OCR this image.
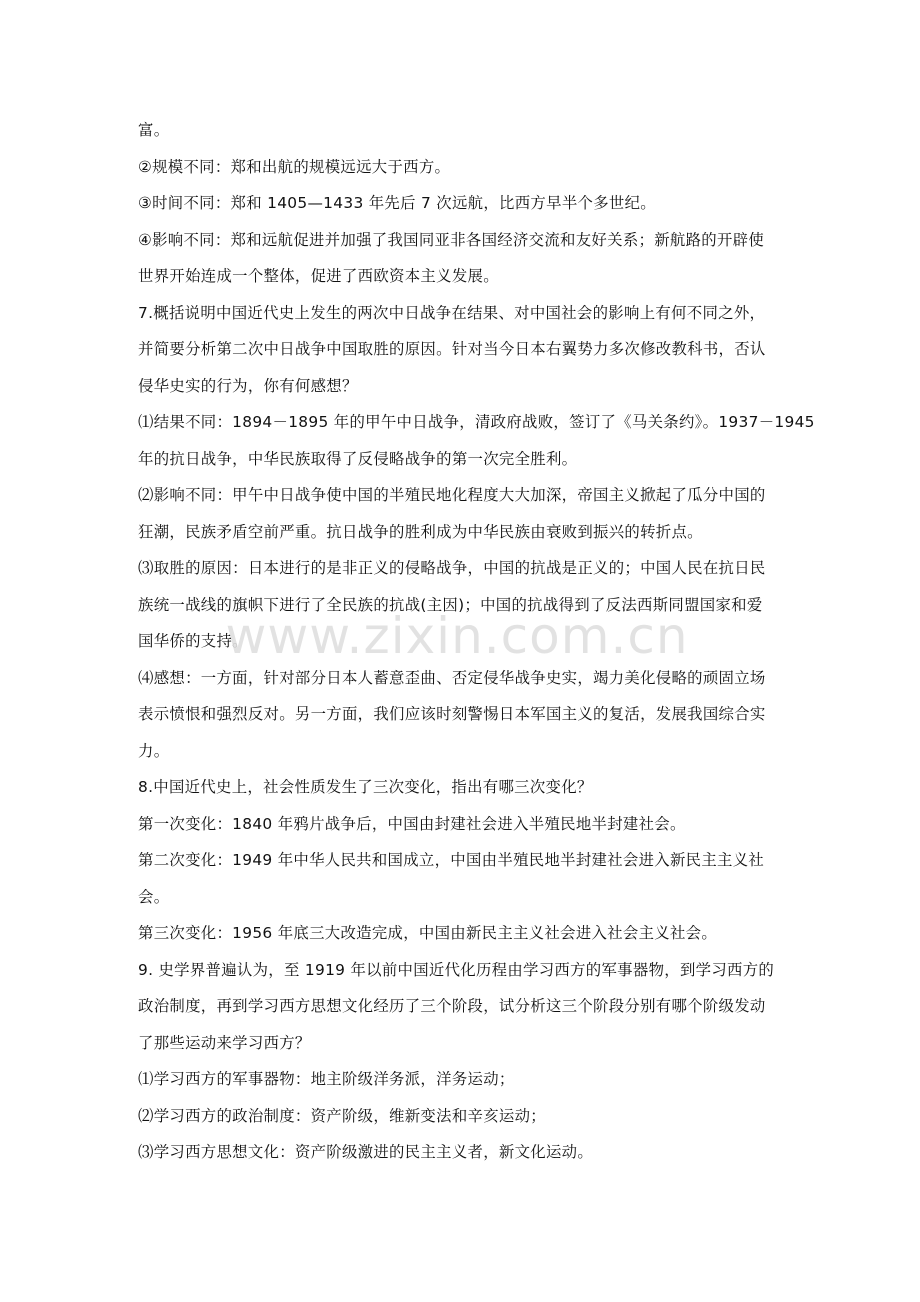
富。
②规模不同：郑和出航的规模远远大于西方。
③时间不同：郑和 1405—1433 年先后 7 次远航，比西方早半个多世纪。
④影响不同：郑和远航促进并加强了我国同亚非各国经济交流和友好关系；新航路的开辟使
世界开始连成一个整体，促进了西欧资本主义发展。
7.概括说明中国近代史上发生的两次中日战争在结果、对中国社会的影响上有何不同之外，
并简要分析第二次中日战争中国取胜的原因。针对当今日本右翼势力多次修改教科书，否认
侵华史实的行为，你有何感想？
⑴结果不同：1894－1895 年的甲午中日战争，清政府战败，签订了《马关条约》。1937－1945
年的抗日战争，中华民族取得了反侵略战争的第一次完全胜利。
⑵影响不同：甲午中日战争使中国的半殖民地化程度大大加深，帝国主义掀起了瓜分中国的
狂潮，民族矛盾空前严重。抗日战争的胜利成为中华民族由衰败到振兴的转折点。
⑶取胜的原因：日本进行的是非正义的侵略战争，中国的抗战是正义的；中国人民在抗日民
族统一战线的旗帜下进行了全民族的抗战(主因)；中国的抗战得到了反法西斯同盟国家和爱
国华侨的支持。
⑷感想：一方面，针对部分日本人蓄意歪曲、否定侵华战争史实，竭力美化侵略的顽固立场
表示愤恨和强烈反对。另一方面，我们应该时刻警惕日本军国主义的复活，发展我国综合实
力。
8.中国近代史上，社会性质发生了三次变化，指出有哪三次变化？
第一次变化：1840 年鸦片战争后，中国由封建社会进入半殖民地半封建社会。
第二次变化：1949 年中华人民共和国成立，中国由半殖民地半封建社会进入新民主主义社
会。
第三次变化：1956 年底三大改造完成，中国由新民主主义社会进入社会主义社会。
9. 史学界普遍认为，至 1919 年以前中国近代化历程由学习西方的军事器物，到学习西方的
政治制度，再到学习西方思想文化经历了三个阶段，试分析这三个阶段分别有哪个阶级发动
了那些运动来学习西方？
⑴学习西方的军事器物：地主阶级洋务派，洋务运动；
⑵学习西方的政治制度：资产阶级，维新变法和辛亥运动；
⑶学习西方思想文化：资产阶级激进的民主主义者，新文化运动。
www.zixin.com.cn
